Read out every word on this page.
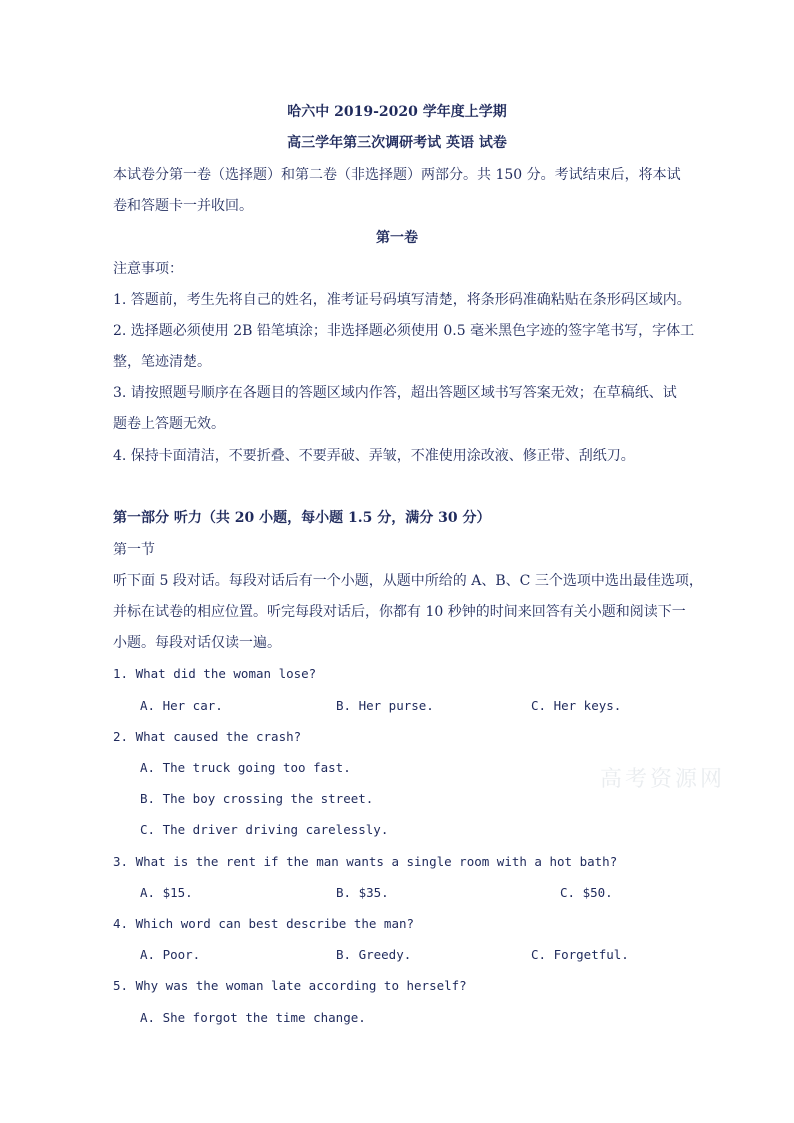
哈六中 2019-2020 学年度上学期
高三学年第三次调研考试 英语 试卷
本试卷分第一卷（选择题）和第二卷（非选择题）两部分。共 150 分。考试结束后，将本试
卷和答题卡一并收回。
第一卷
注意事项：
1. 答题前，考生先将自己的姓名，准考证号码填写清楚，将条形码准确粘贴在条形码区域内。
2. 选择题必须使用 2B 铅笔填涂；非选择题必须使用 0.5 毫米黑色字迹的签字笔书写，字体工
整，笔迹清楚。
3. 请按照题号顺序在各题目的答题区域内作答，超出答题区域书写答案无效；在草稿纸、试
题卷上答题无效。
4. 保持卡面清洁，不要折叠、不要弄破、弄皱，不准使用涂改液、修正带、刮纸刀。
第一部分 听力（共 20 小题，每小题 1.5 分，满分 30 分）
第一节
听下面 5 段对话。每段对话后有一个小题，从题中所给的 A、B、C 三个选项中选出最佳选项，
并标在试卷的相应位置。听完每段对话后，你都有 10 秒钟的时间来回答有关小题和阅读下一
小题。每段对话仅读一遍。
1. What did the woman lose?
A. Her car.	B. Her purse.	C. Her keys.
2. What caused the crash?
A. The truck going too fast.
B. The boy crossing the street.
C. The driver driving carelessly.
3. What is the rent if the man wants a single room with a hot bath?
A. $15.	B. $35.	C. $50.
4. Which word can best describe the man?
A. Poor.	B. Greedy.	C. Forgetful.
5. Why was the woman late according to herself?
A. She forgot the time change.
高考资源网
